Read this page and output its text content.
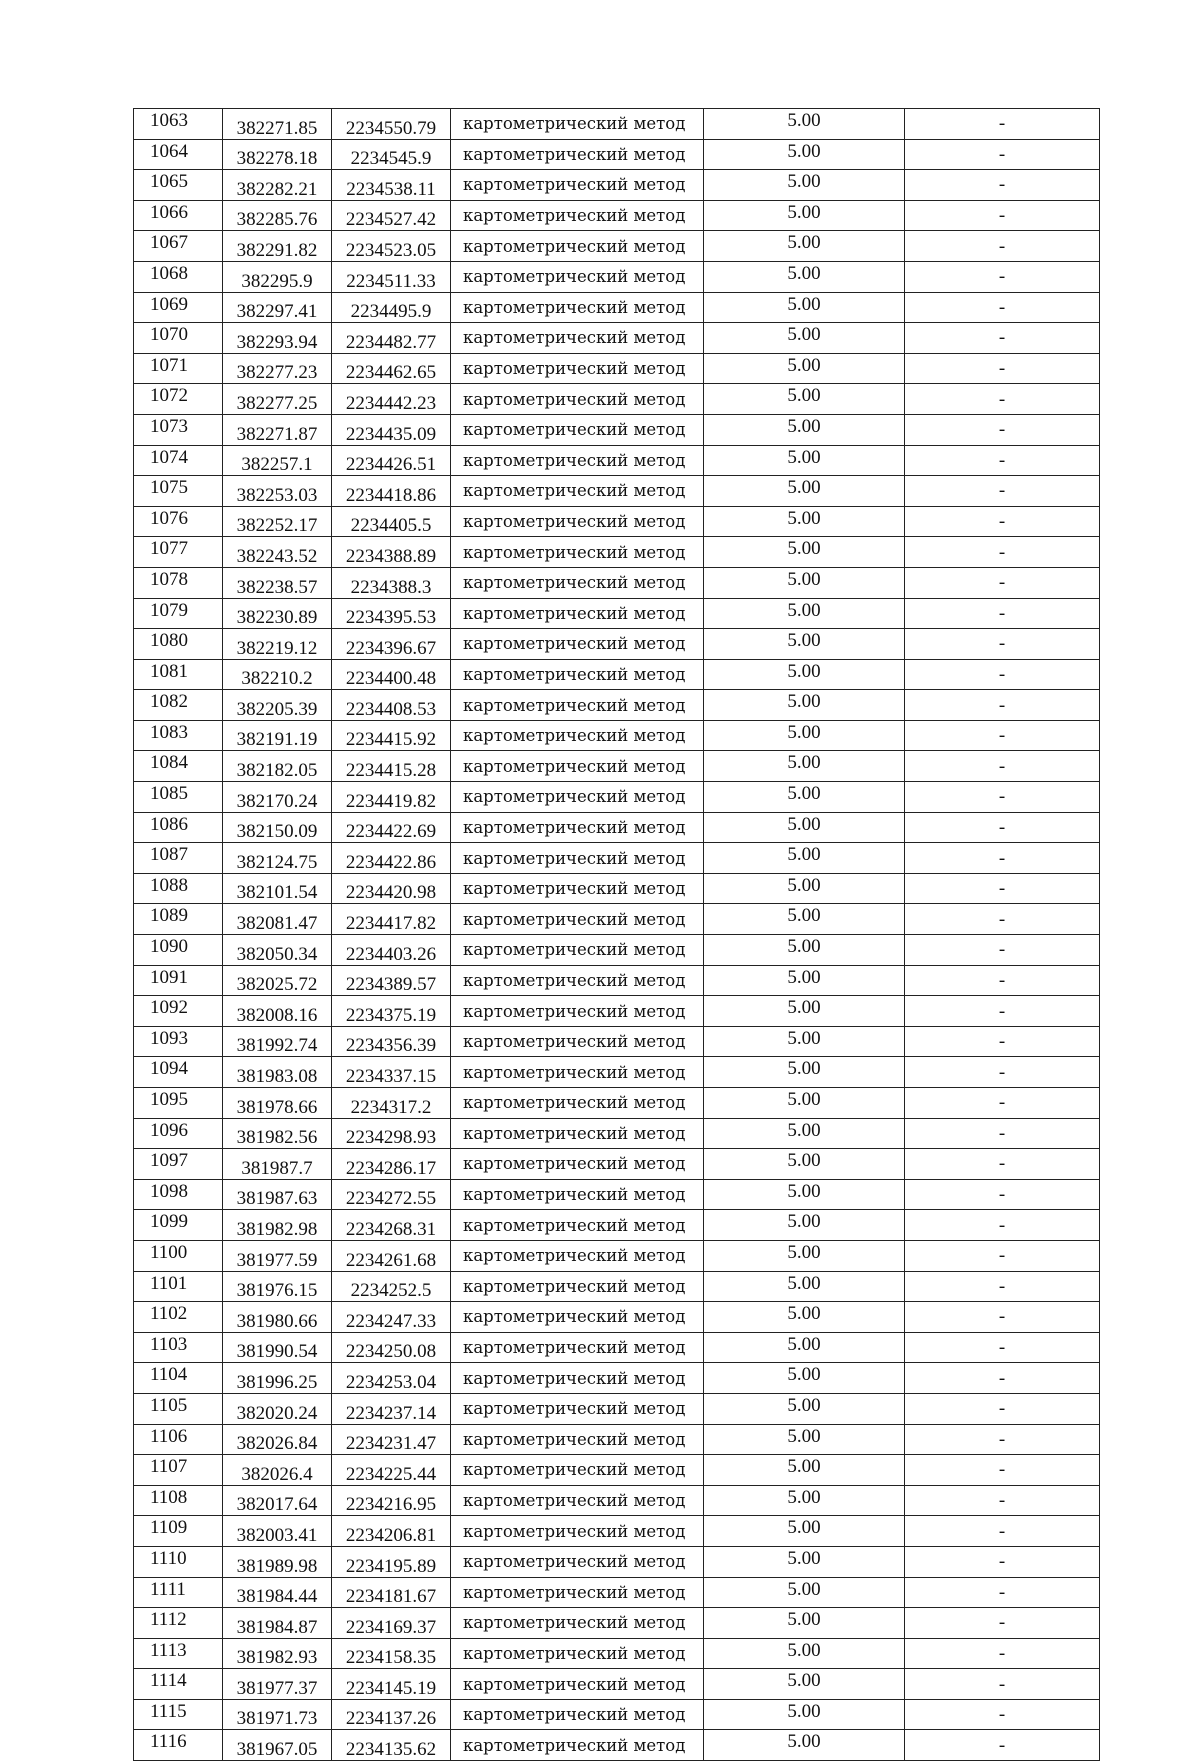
1063	382271.85	2234550.79	картометрический метод	5.00	-
1064	382278.18	2234545.9	картометрический метод	5.00	-
1065	382282.21	2234538.11	картометрический метод	5.00	-
1066	382285.76	2234527.42	картометрический метод	5.00	-
1067	382291.82	2234523.05	картометрический метод	5.00	-
1068	382295.9	2234511.33	картометрический метод	5.00	-
1069	382297.41	2234495.9	картометрический метод	5.00	-
1070	382293.94	2234482.77	картометрический метод	5.00	-
1071	382277.23	2234462.65	картометрический метод	5.00	-
1072	382277.25	2234442.23	картометрический метод	5.00	-
1073	382271.87	2234435.09	картометрический метод	5.00	-
1074	382257.1	2234426.51	картометрический метод	5.00	-
1075	382253.03	2234418.86	картометрический метод	5.00	-
1076	382252.17	2234405.5	картометрический метод	5.00	-
1077	382243.52	2234388.89	картометрический метод	5.00	-
1078	382238.57	2234388.3	картометрический метод	5.00	-
1079	382230.89	2234395.53	картометрический метод	5.00	-
1080	382219.12	2234396.67	картометрический метод	5.00	-
1081	382210.2	2234400.48	картометрический метод	5.00	-
1082	382205.39	2234408.53	картометрический метод	5.00	-
1083	382191.19	2234415.92	картометрический метод	5.00	-
1084	382182.05	2234415.28	картометрический метод	5.00	-
1085	382170.24	2234419.82	картометрический метод	5.00	-
1086	382150.09	2234422.69	картометрический метод	5.00	-
1087	382124.75	2234422.86	картометрический метод	5.00	-
1088	382101.54	2234420.98	картометрический метод	5.00	-
1089	382081.47	2234417.82	картометрический метод	5.00	-
1090	382050.34	2234403.26	картометрический метод	5.00	-
1091	382025.72	2234389.57	картометрический метод	5.00	-
1092	382008.16	2234375.19	картометрический метод	5.00	-
1093	381992.74	2234356.39	картометрический метод	5.00	-
1094	381983.08	2234337.15	картометрический метод	5.00	-
1095	381978.66	2234317.2	картометрический метод	5.00	-
1096	381982.56	2234298.93	картометрический метод	5.00	-
1097	381987.7	2234286.17	картометрический метод	5.00	-
1098	381987.63	2234272.55	картометрический метод	5.00	-
1099	381982.98	2234268.31	картометрический метод	5.00	-
1100	381977.59	2234261.68	картометрический метод	5.00	-
1101	381976.15	2234252.5	картометрический метод	5.00	-
1102	381980.66	2234247.33	картометрический метод	5.00	-
1103	381990.54	2234250.08	картометрический метод	5.00	-
1104	381996.25	2234253.04	картометрический метод	5.00	-
1105	382020.24	2234237.14	картометрический метод	5.00	-
1106	382026.84	2234231.47	картометрический метод	5.00	-
1107	382026.4	2234225.44	картометрический метод	5.00	-
1108	382017.64	2234216.95	картометрический метод	5.00	-
1109	382003.41	2234206.81	картометрический метод	5.00	-
1110	381989.98	2234195.89	картометрический метод	5.00	-
1111	381984.44	2234181.67	картометрический метод	5.00	-
1112	381984.87	2234169.37	картометрический метод	5.00	-
1113	381982.93	2234158.35	картометрический метод	5.00	-
1114	381977.37	2234145.19	картометрический метод	5.00	-
1115	381971.73	2234137.26	картометрический метод	5.00	-
1116	381967.05	2234135.62	картометрический метод	5.00	-
